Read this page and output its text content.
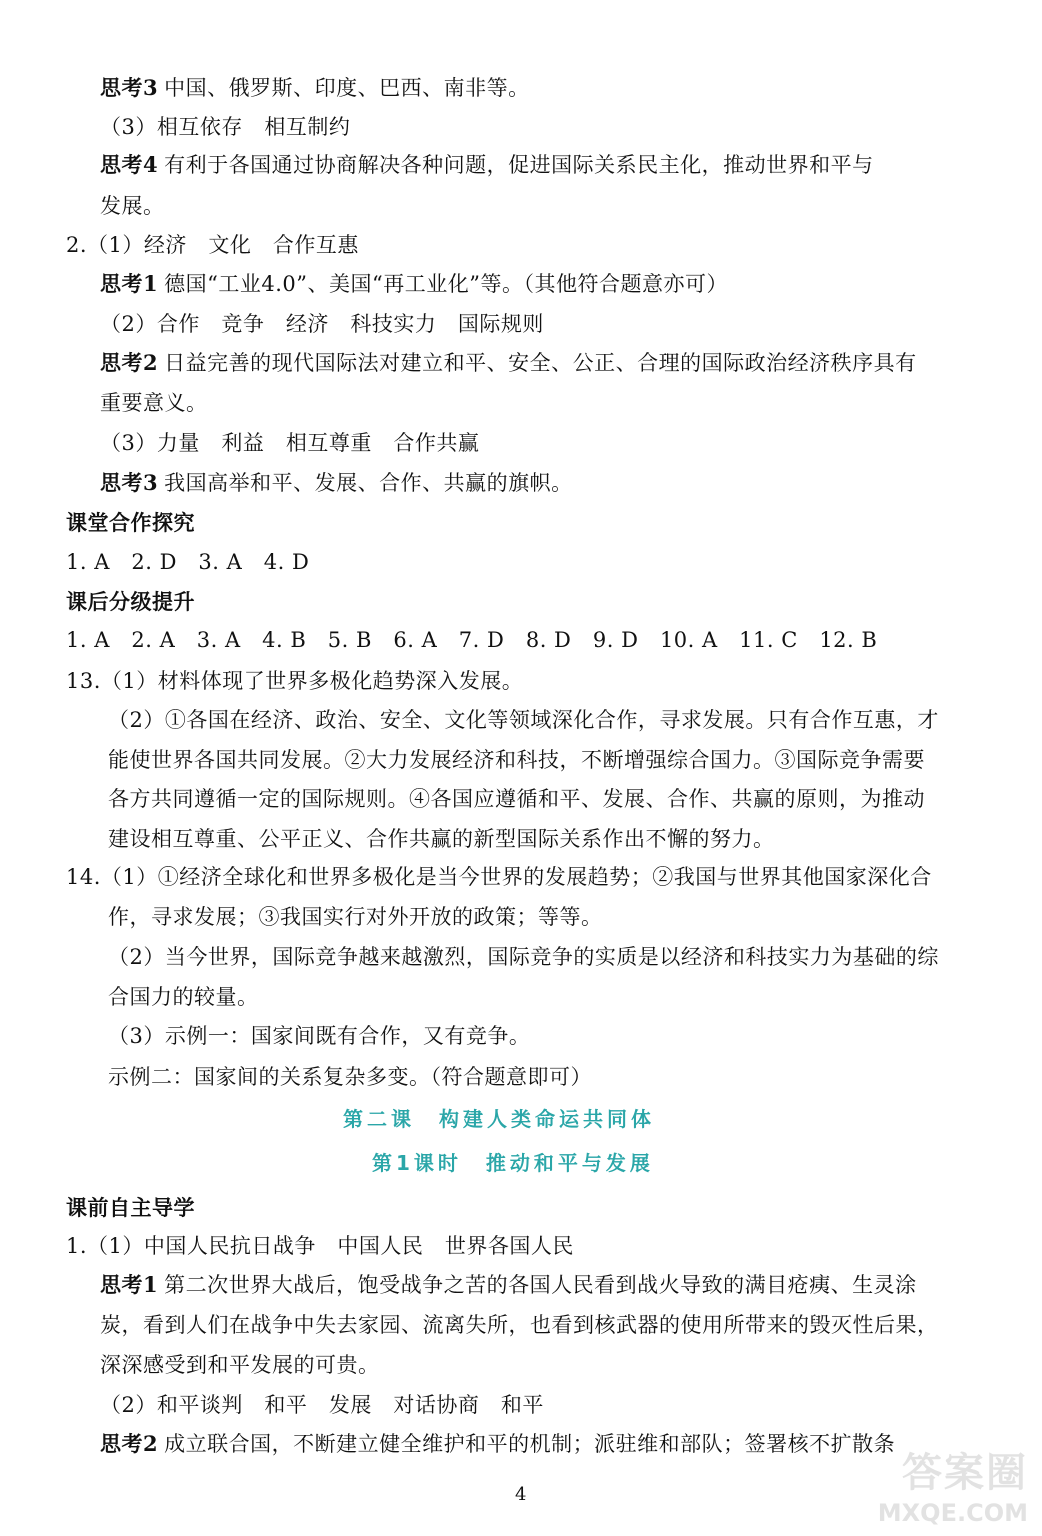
思考3 中国、俄罗斯、印度、巴西、南非等。
（3）相互依存　相互制约
思考4 有利于各国通过协商解决各种问题，促进国际关系民主化，推动世界和平与
发展。
2.（1）经济　文化　合作互惠
思考1 德国“工业4.0”、美国“再工业化”等。（其他符合题意亦可）
（2）合作　竞争　经济　科技实力　国际规则
思考2 日益完善的现代国际法对建立和平、安全、公正、合理的国际政治经济秩序具有
重要意义。
（3）力量　利益　相互尊重　合作共赢
思考3 我国高举和平、发展、合作、共赢的旗帜。
课堂合作探究
1. A　2. D　3. A　4. D
课后分级提升
1. A　2. A　3. A　4. B　5. B　6. A　7. D　8. D　9. D　10. A　11. C　12. B
13.（1）材料体现了世界多极化趋势深入发展。
（2）①各国在经济、政治、安全、文化等领域深化合作，寻求发展。只有合作互惠，才
能使世界各国共同发展。②大力发展经济和科技，不断增强综合国力。③国际竞争需要
各方共同遵循一定的国际规则。④各国应遵循和平、发展、合作、共赢的原则，为推动
建设相互尊重、公平正义、合作共赢的新型国际关系作出不懈的努力。
14.（1）①经济全球化和世界多极化是当今世界的发展趋势；②我国与世界其他国家深化合
作，寻求发展；③我国实行对外开放的政策；等等。
（2）当今世界，国际竞争越来越激烈，国际竞争的实质是以经济和科技实力为基础的综
合国力的较量。
（3）示例一：国家间既有合作，又有竞争。
示例二：国家间的关系复杂多变。（符合题意即可）
第二课　构建人类命运共同体
第1课时　推动和平与发展
课前自主导学
1.（1）中国人民抗日战争　中国人民　世界各国人民
思考1 第二次世界大战后，饱受战争之苦的各国人民看到战火导致的满目疮痍、生灵涂
炭，看到人们在战争中失去家园、流离失所，也看到核武器的使用所带来的毁灭性后果，
深深感受到和平发展的可贵。
（2）和平谈判　和平　发展　对话协商　和平
思考2 成立联合国，不断建立健全维护和平的机制；派驻维和部队；签署核不扩散条
4	答案圈
MXQE.COM
